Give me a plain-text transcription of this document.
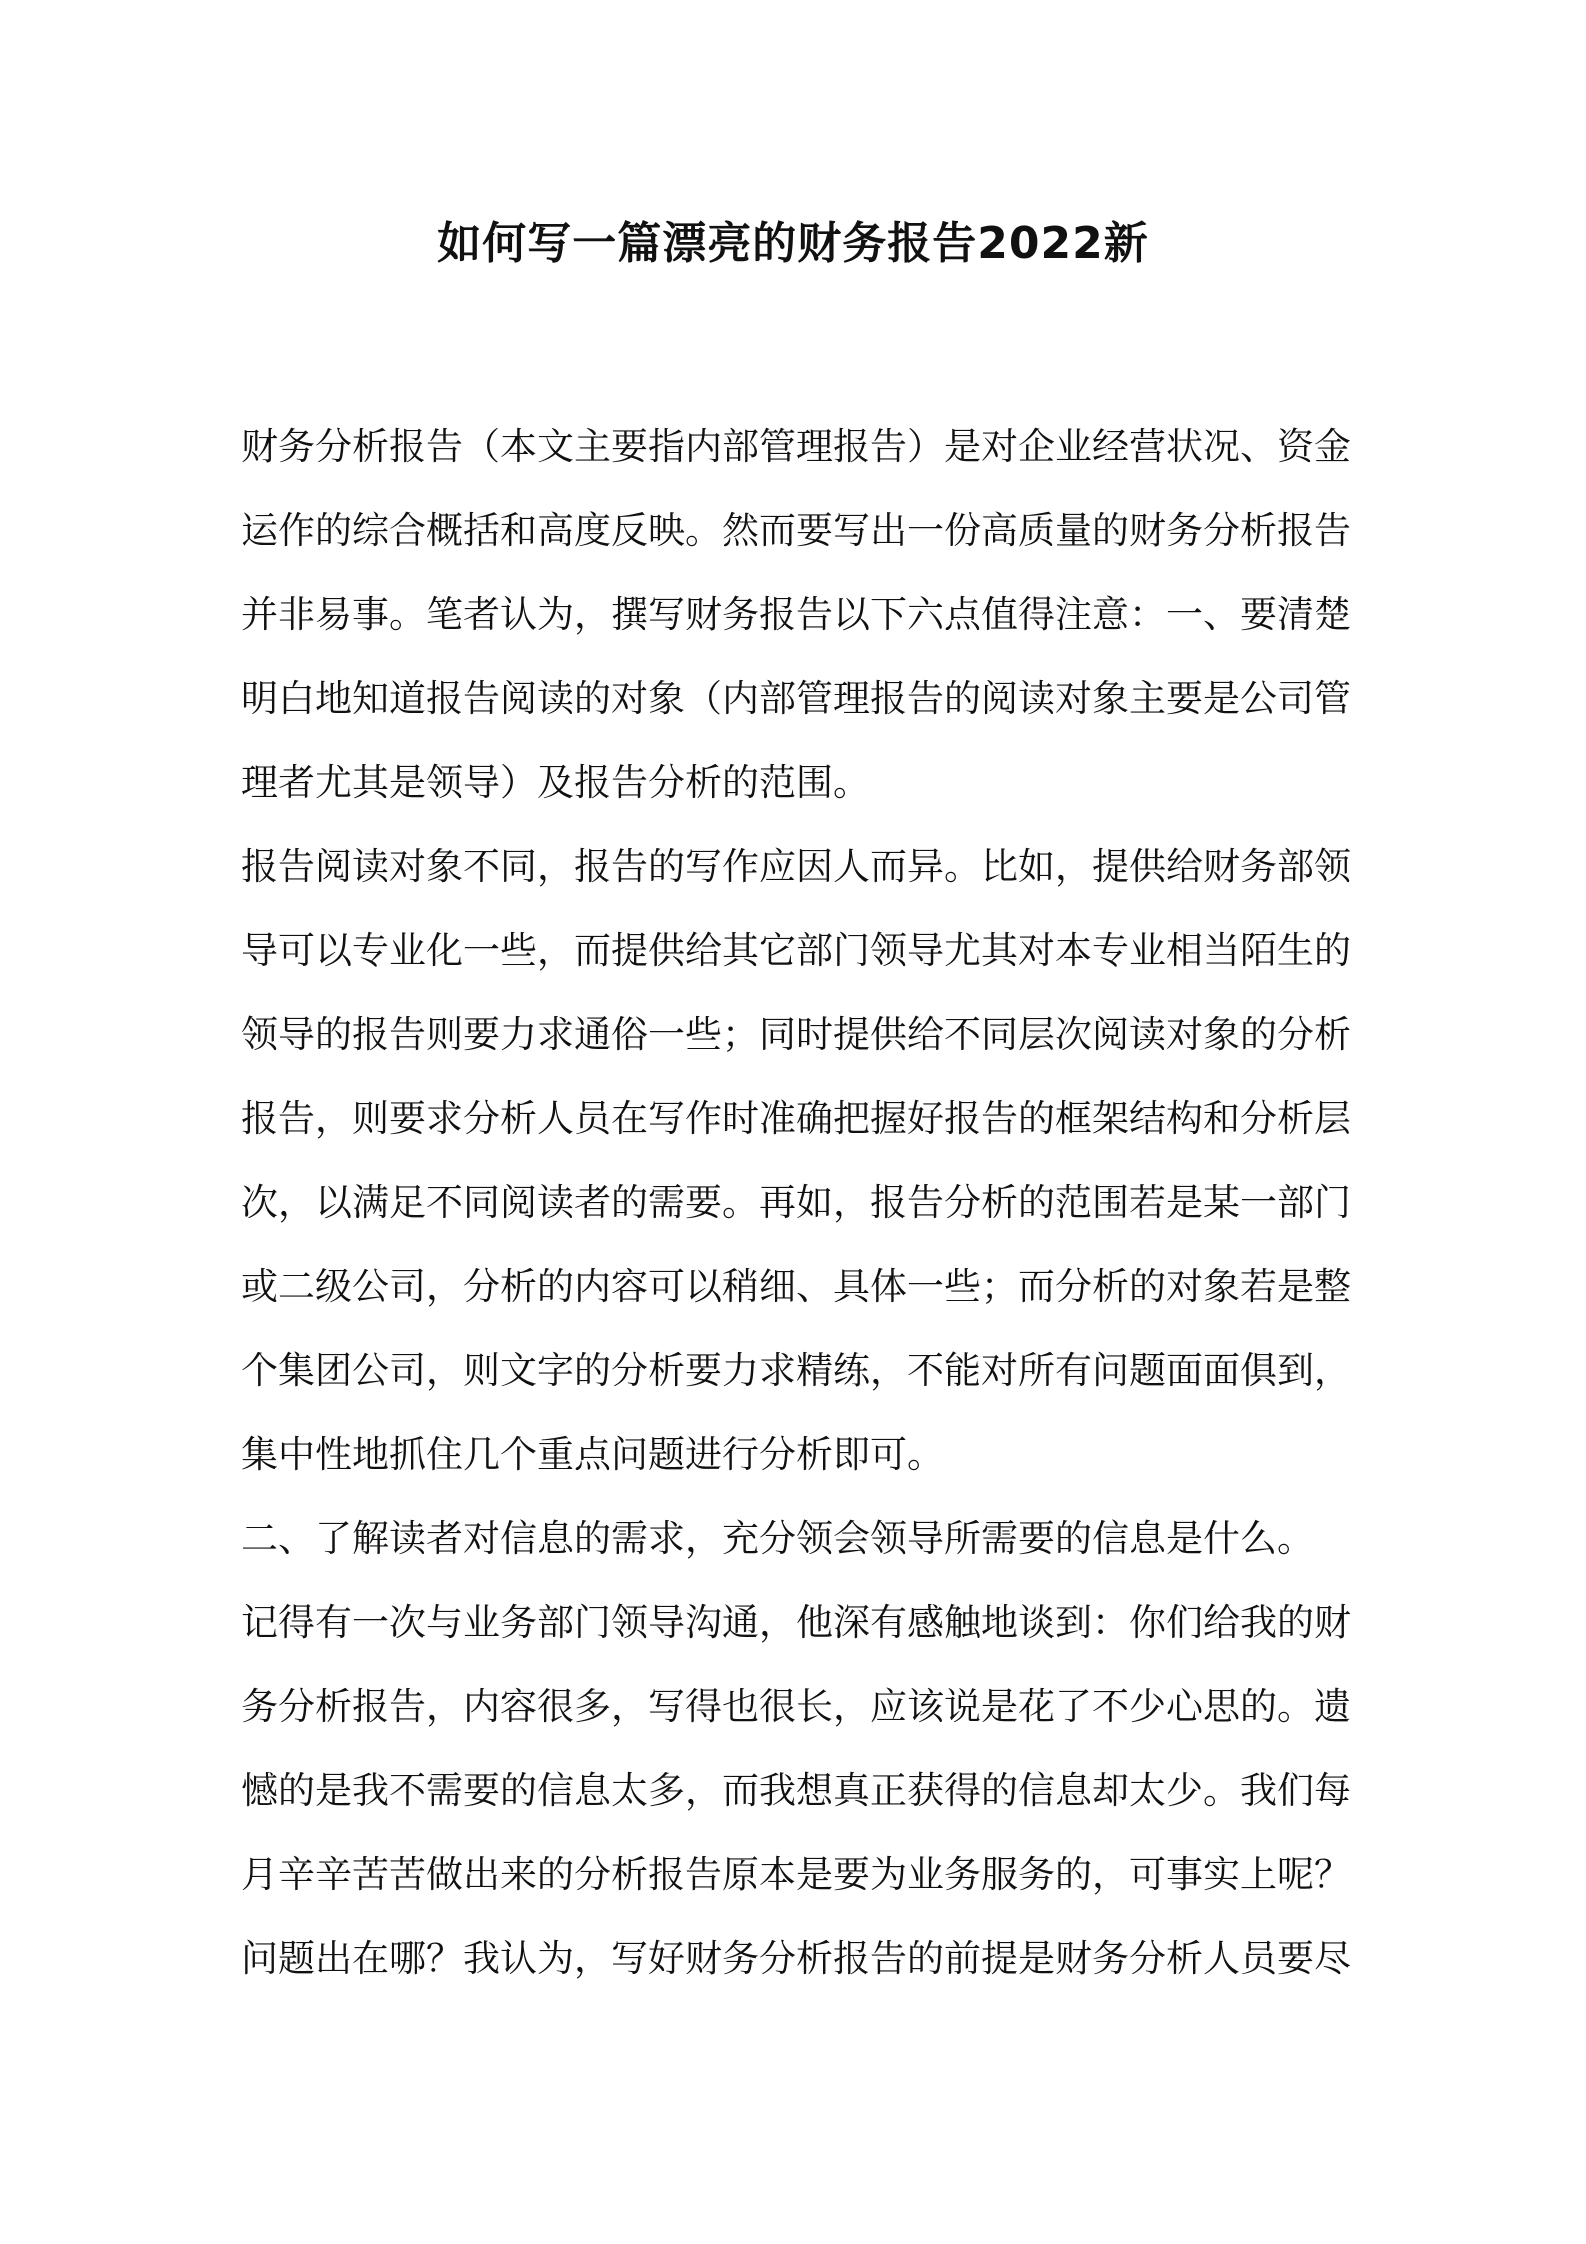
如何写一篇漂亮的财务报告2022新
财务分析报告（本文主要指内部管理报告）是对企业经营状况、资金
运作的综合概括和高度反映。然而要写出一份高质量的财务分析报告
并非易事。笔者认为，撰写财务报告以下六点值得注意：一、要清楚
明白地知道报告阅读的对象（内部管理报告的阅读对象主要是公司管
理者尤其是领导）及报告分析的范围。
报告阅读对象不同，报告的写作应因人而异。比如，提供给财务部领
导可以专业化一些，而提供给其它部门领导尤其对本专业相当陌生的
领导的报告则要力求通俗一些；同时提供给不同层次阅读对象的分析
报告，则要求分析人员在写作时准确把握好报告的框架结构和分析层
次，以满足不同阅读者的需要。再如，报告分析的范围若是某一部门
或二级公司，分析的内容可以稍细、具体一些；而分析的对象若是整
个集团公司，则文字的分析要力求精练，不能对所有问题面面俱到，
集中性地抓住几个重点问题进行分析即可。
二、了解读者对信息的需求，充分领会领导所需要的信息是什么。
记得有一次与业务部门领导沟通，他深有感触地谈到：你们给我的财
务分析报告，内容很多，写得也很长，应该说是花了不少心思的。遗
憾的是我不需要的信息太多，而我想真正获得的信息却太少。我们每
月辛辛苦苦做出来的分析报告原本是要为业务服务的，可事实上呢？
问题出在哪？我认为，写好财务分析报告的前提是财务分析人员要尽
